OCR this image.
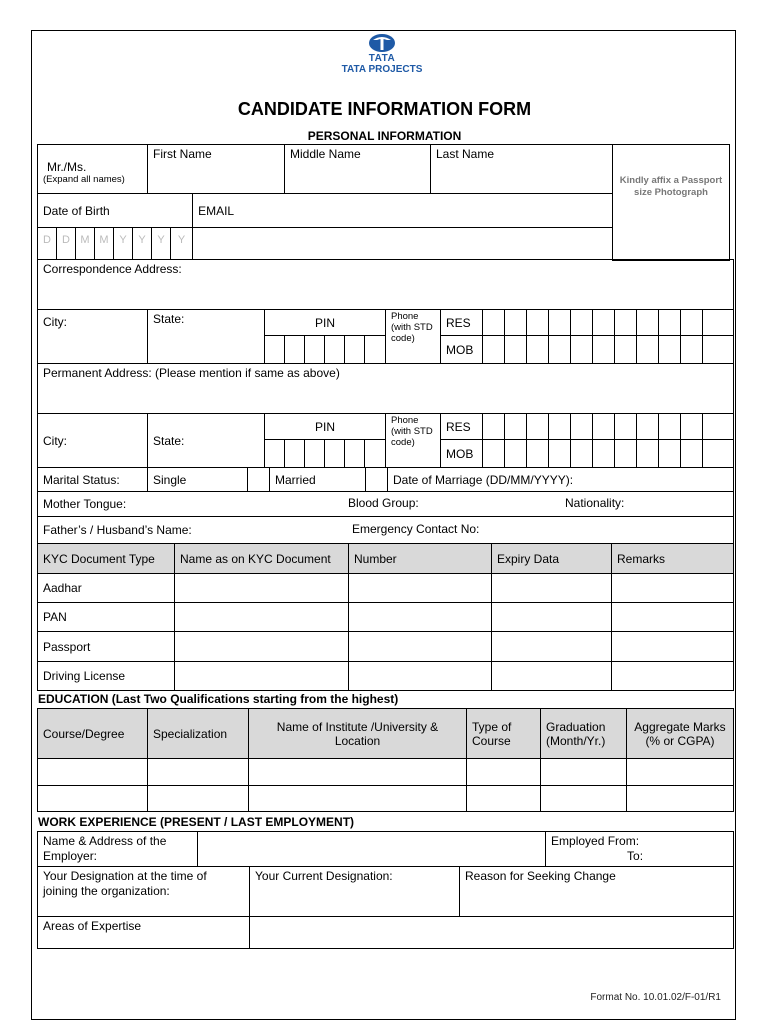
TATA
TATA PROJECTS
CANDIDATE INFORMATION FORM
PERSONAL INFORMATION
Kindly affix a Passport size Photograph
Mr./Ms.
(Expand all names)
	First Name	Middle Name	Last Name
Date of Birth								EMAIL
D	D	M	M	Y	Y	Y	Y	
Correspondence Address:																				
City:	State:	PIN						Phone (with STD code)	RES											
									MOB											
Permanent Address: (Please mention if same as above)																				
City:	State:	PIN						Phone (with STD code)	RES											
									MOB											
Marital Status:	Single		Married		Date of Marriage (DD/MM/YYYY):
Mother Tongue:	Blood Group:	Nationality:

Father’s / Husband’s Name:	Emergency Contact No:
KYC Document Type	Name as on KYC Document	Number	Expiry Data	Remarks
Aadhar				
PAN				
Passport				
Driving License				
EDUCATION (Last Two Qualifications starting from the highest)
Course/Degree	Specialization	Name of Institute /University & Location	Type of Course	Graduation (Month/Yr.)	Aggregate Marks (% or CGPA)

WORK EXPERIENCE (PRESENT / LAST EMPLOYMENT)
Name & Address of the Employer:				Employed From:
To:

Your Designation at the time of joining the organization:		Your Current Designation:	Reason for Seeking Change	
Areas of Expertise				
Format No. 10.01.02/F-01/R1
